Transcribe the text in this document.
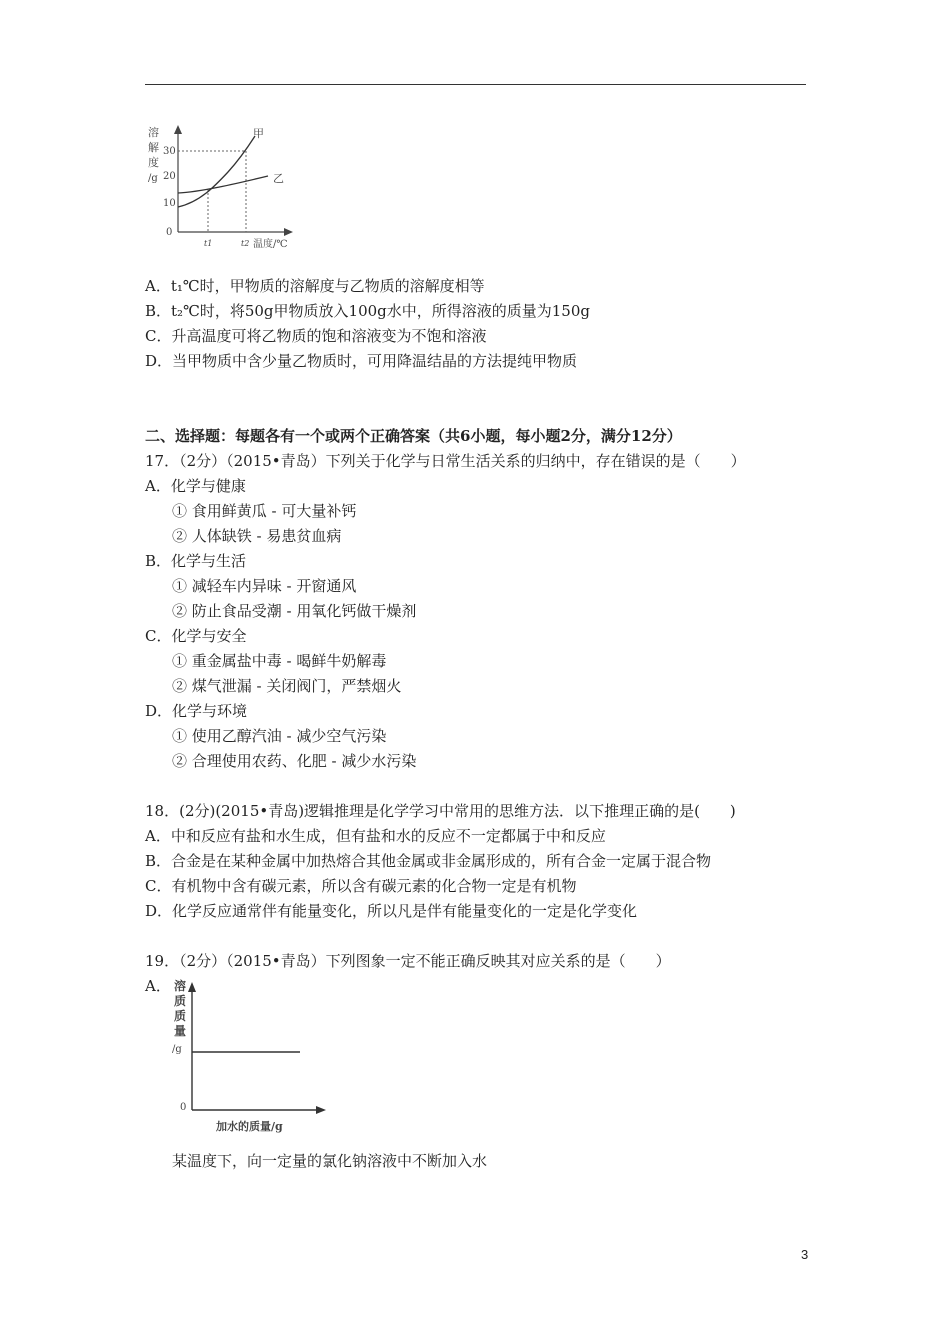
溶
解
度
/g
30
20
10
0
甲
乙
t1	t2 温度/℃
A．t₁℃时，甲物质的溶解度与乙物质的溶解度相等
B．t₂℃时，将50g甲物质放入100g水中，所得溶液的质量为150g
C．升高温度可将乙物质的饱和溶液变为不饱和溶液
D．当甲物质中含少量乙物质时，可用降温结晶的方法提纯甲物质
二、选择题：每题各有一个或两个正确答案（共6小题，每小题2分，满分12分）
17．（2分）（2015•青岛）下列关于化学与日常生活关系的归纳中，存在错误的是（　　）
A．化学与健康
① 食用鲜黄瓜 - 可大量补钙
② 人体缺铁 - 易患贫血病
B．化学与生活
① 减轻车内异味 - 开窗通风
② 防止食品受潮 - 用氧化钙做干燥剂
C．化学与安全
① 重金属盐中毒 - 喝鲜牛奶解毒
② 煤气泄漏 - 关闭阀门，严禁烟火
D．化学与环境
① 使用乙醇汽油 - 减少空气污染
② 合理使用农药、化肥 - 减少水污染
18．(2分)(2015•青岛)逻辑推理是化学学习中常用的思维方法．以下推理正确的是(　　)
A．中和反应有盐和水生成，但有盐和水的反应不一定都属于中和反应
B．合金是在某种金属中加热熔合其他金属或非金属形成的，所有合金一定属于混合物
C．有机物中含有碳元素，所以含有碳元素的化合物一定是有机物
D．化学反应通常伴有能量变化，所以凡是伴有能量变化的一定是化学变化
19．（2分）（2015•青岛）下列图象一定不能正确反映其对应关系的是（　　）
A． 溶
质
质
量
/g
0
加水的质量/g
某温度下，向一定量的氯化钠溶液中不断加入水
3
